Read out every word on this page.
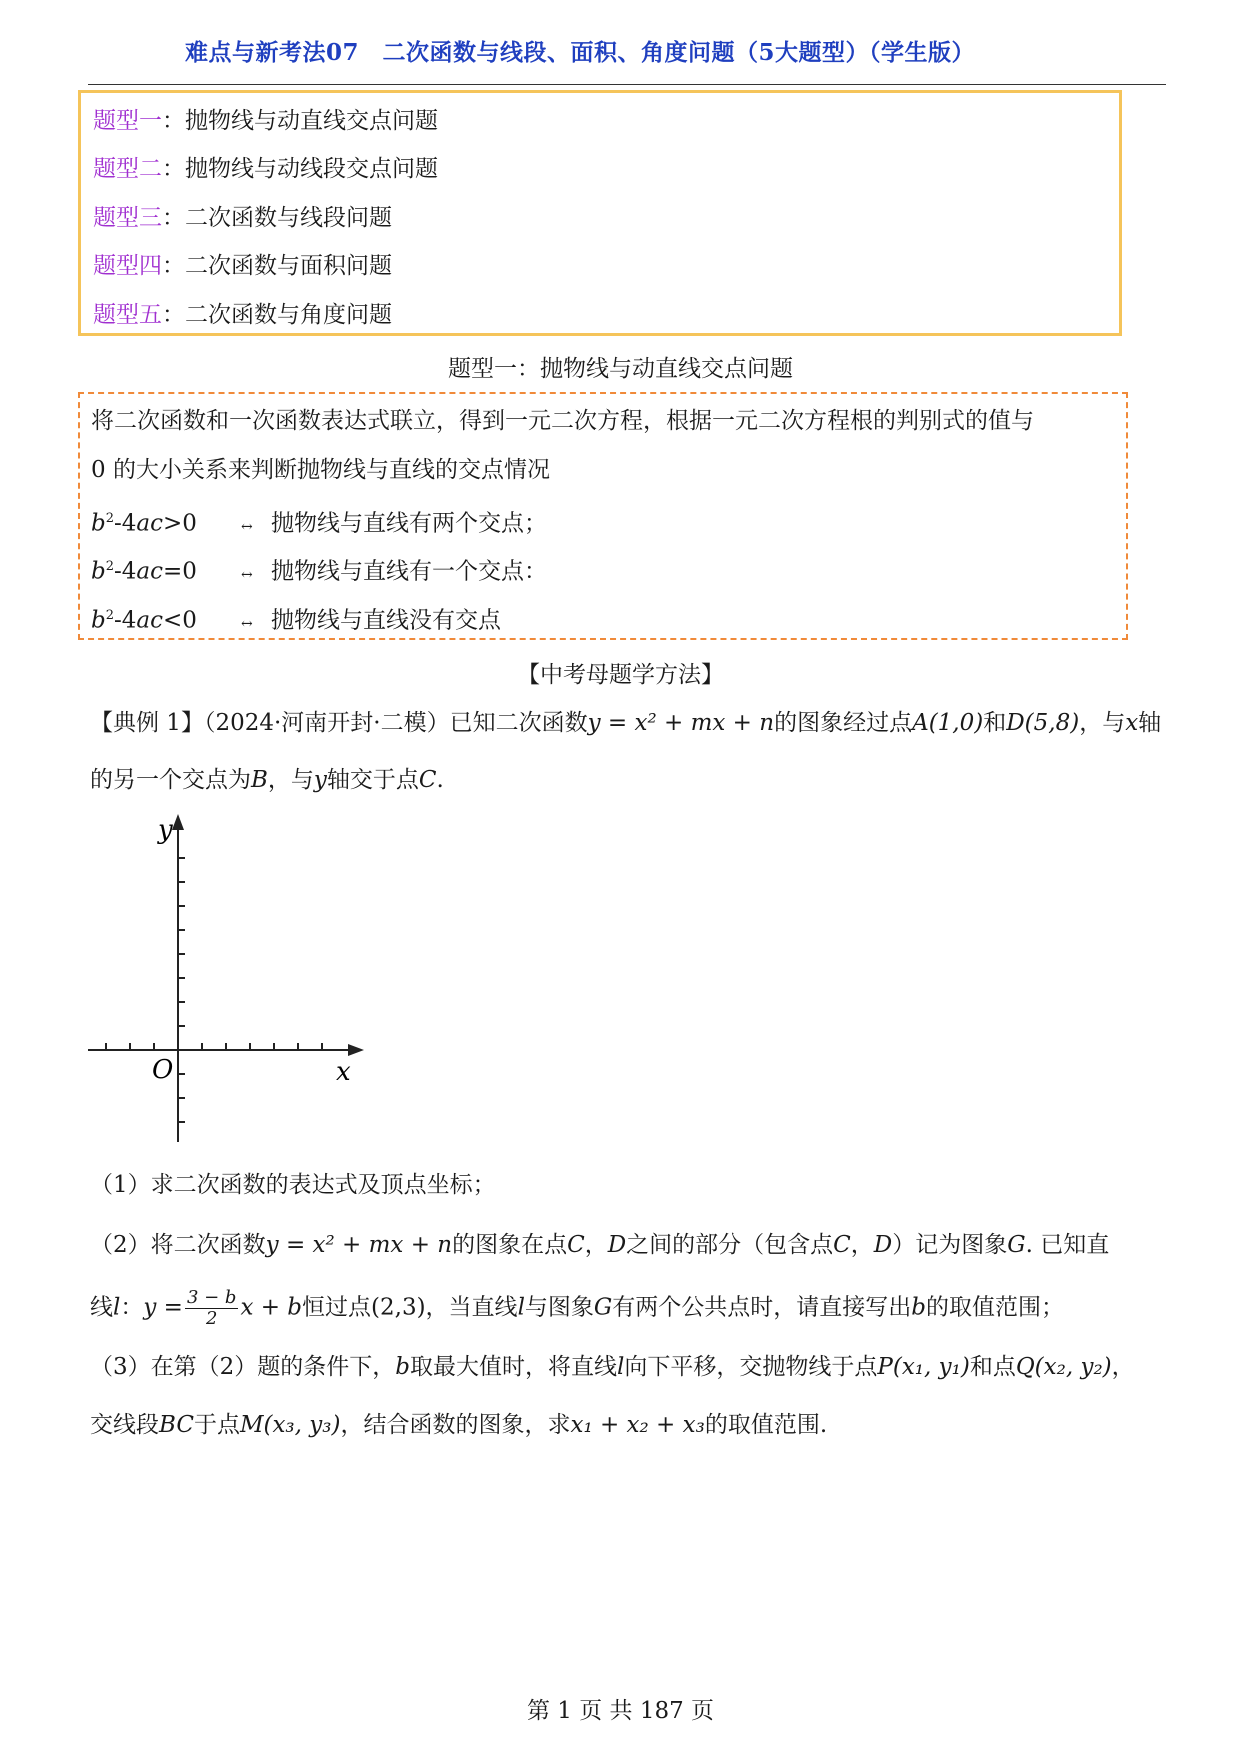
难点与新考法07　二次函数与线段、面积、角度问题（5大题型）（学生版）
题型一：抛物线与动直线交点问题
题型二：抛物线与动线段交点问题
题型三：二次函数与线段问题
题型四：二次函数与面积问题
题型五：二次函数与角度问题
题型一：抛物线与动直线交点问题
将二次函数和一次函数表达式联立，得到一元二次方程，根据一元二次方程根的判别式的值与
0 的大小关系来判断抛物线与直线的交点情况
$b^2-4ac>0$	↔ 抛物线与直线有两个交点；
$b^2-4ac=0$	↔ 抛物线与直线有一个交点：
$b^2-4ac<0$	↔ 抛物线与直线没有交点
【中考母题学方法】
【典例 1】（2024·河南开封·二模）已知二次函数y = x² + mx + n的图象经过点A(1,0)和D(5,8)，与x轴
的另一个交点为B，与y轴交于点C.
y
x
O
（1）求二次函数的表达式及顶点坐标；
（2）将二次函数y = x² + mx + n的图象在点C，D之间的部分（包含点C，D）记为图象G. 已知直
线l：$y = \frac{3 - b}{2}$ x + b恒过点(2,3)，当直线l与图象G有两个公共点时，请直接写出b的取值范围；
（3）在第（2）题的条件下，b取最大值时，将直线l向下平移，交抛物线于点P(x₁, y₁)和点Q(x₂, y₂)，
交线段BC于点M(x₃, y₃)，结合函数的图象，求x₁ + x₂ + x₃的取值范围.
第 1 页 共 187 页
